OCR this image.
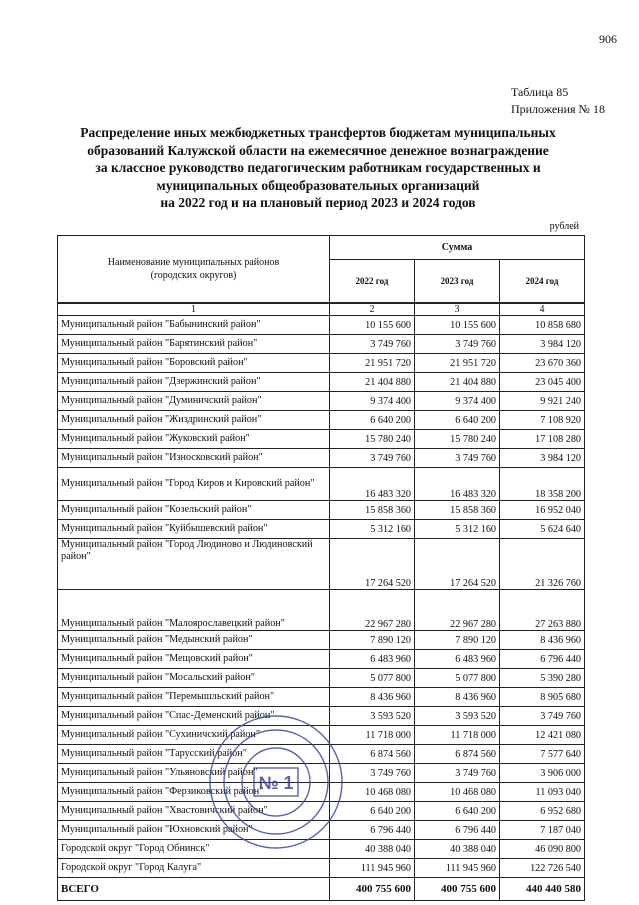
906
Таблица 85
Приложения № 18
Распределение иных межбюджетных трансфертов бюджетам муниципальных
образований Калужской области на ежемесячное денежное вознаграждение
за классное руководство педагогическим работникам государственных и
муниципальных общеобразовательных организаций
на 2022 год и на плановый период 2023 и 2024 годов
рублей
Наименование муниципальных районов
(городских округов)	Сумма		
	2022 год	2023 год	2024 год
1	2	3	4
Муниципальный район "Бабынинский район"	10 155 600	10 155 600	10 858 680
Муниципальный район "Барятинский район"	3 749 760	3 749 760	3 984 120
Муниципальный район "Боровский район"	21 951 720	21 951 720	23 670 360
Муниципальный район "Дзержинский район"	21 404 880	21 404 880	23 045 400
Муниципальный район "Думиничский район"	9 374 400	9 374 400	9 921 240
Муниципальный район "Жиздринский район"	6 640 200	6 640 200	7 108 920
Муниципальный район "Жуковский район"	15 780 240	15 780 240	17 108 280
Муниципальный район "Износковский район"	3 749 760	3 749 760	3 984 120
Муниципальный район "Город Киров и Кировский район"	16 483 320	16 483 320	18 358 200
Муниципальный район "Козельский район"	15 858 360	15 858 360	16 952 040
Муниципальный район "Куйбышевский район"	5 312 160	5 312 160	5 624 640
Муниципальный район "Город Людиново и Людиновский район"	17 264 520	17 264 520	21 326 760
Муниципальный район "Малоярославецкий район"	22 967 280	22 967 280	27 263 880
Муниципальный район "Медынский район"	7 890 120	7 890 120	8 436 960
Муниципальный район "Мещовский район"	6 483 960	6 483 960	6 796 440
Муниципальный район "Мосальский район"	5 077 800	5 077 800	5 390 280
Муниципальный район "Перемышльский район"	8 436 960	8 436 960	8 905 680
Муниципальный район "Спас-Деменский район"	3 593 520	3 593 520	3 749 760
Муниципальный район "Сухиничский район"	11 718 000	11 718 000	12 421 080
Муниципальный район "Тарусский район"	6 874 560	6 874 560	7 577 640
Муниципальный район "Ульяновский район"	3 749 760	3 749 760	3 906 000
Муниципальный район "Ферзиковский район"	10 468 080	10 468 080	11 093 040
Муниципальный район "Хвастовичский район"	6 640 200	6 640 200	6 952 680
Муниципальный район "Юхновский район"	6 796 440	6 796 440	7 187 040
Городской округ "Город Обнинск"	40 388 040	40 388 040	46 090 800
Городской округ "Город Калуга"	111 945 960	111 945 960	122 726 540
ВСЕГО	400 755 600	400 755 600	440 440 580
№ 1
